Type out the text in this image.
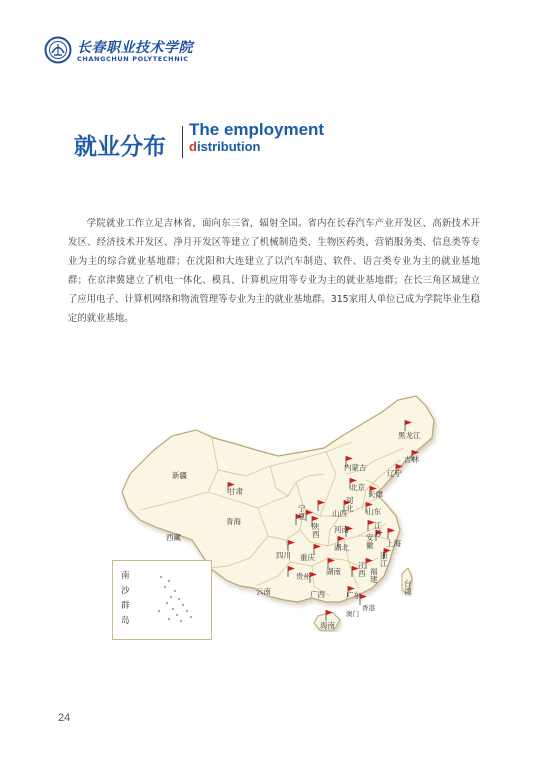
长春职业技术学院
CHANGCHUN POLYTECHNIC
就业分布
The employment
distribution

学院就业工作立足吉林省，面向东三省，辐射全国。省内在长春汽车产业开发区、高新技术开发区、经济技术开发区、净月开发区等建立了机械制造类、生物医药类、营销服务类、信息类等专业为主的综合就业基地群；在沈阳和大连建立了以汽车制造、软件、语言类专业为主的就业基地群；在京津冀建立了机电一体化、模具、计算机应用等专业为主的就业基地群；在长三角区域建立了应用电子、计算机网络和物流管理等专业为主的就业基地群。315家用人单位已成为学院毕业生稳定的就业基地。

黑龙江
吉林
辽宁
内蒙古
新疆
甘肃	北京
天津
河
北
山西	山东
宁
夏
青海
陕
西
河南	江
苏
西藏	安
徽 上海
湖北
四川 重庆	浙
江
贵州
湖南
江
西 福
建	台
湾
云南	广西	广东
香港
澳门
海南
南沙群岛
24
